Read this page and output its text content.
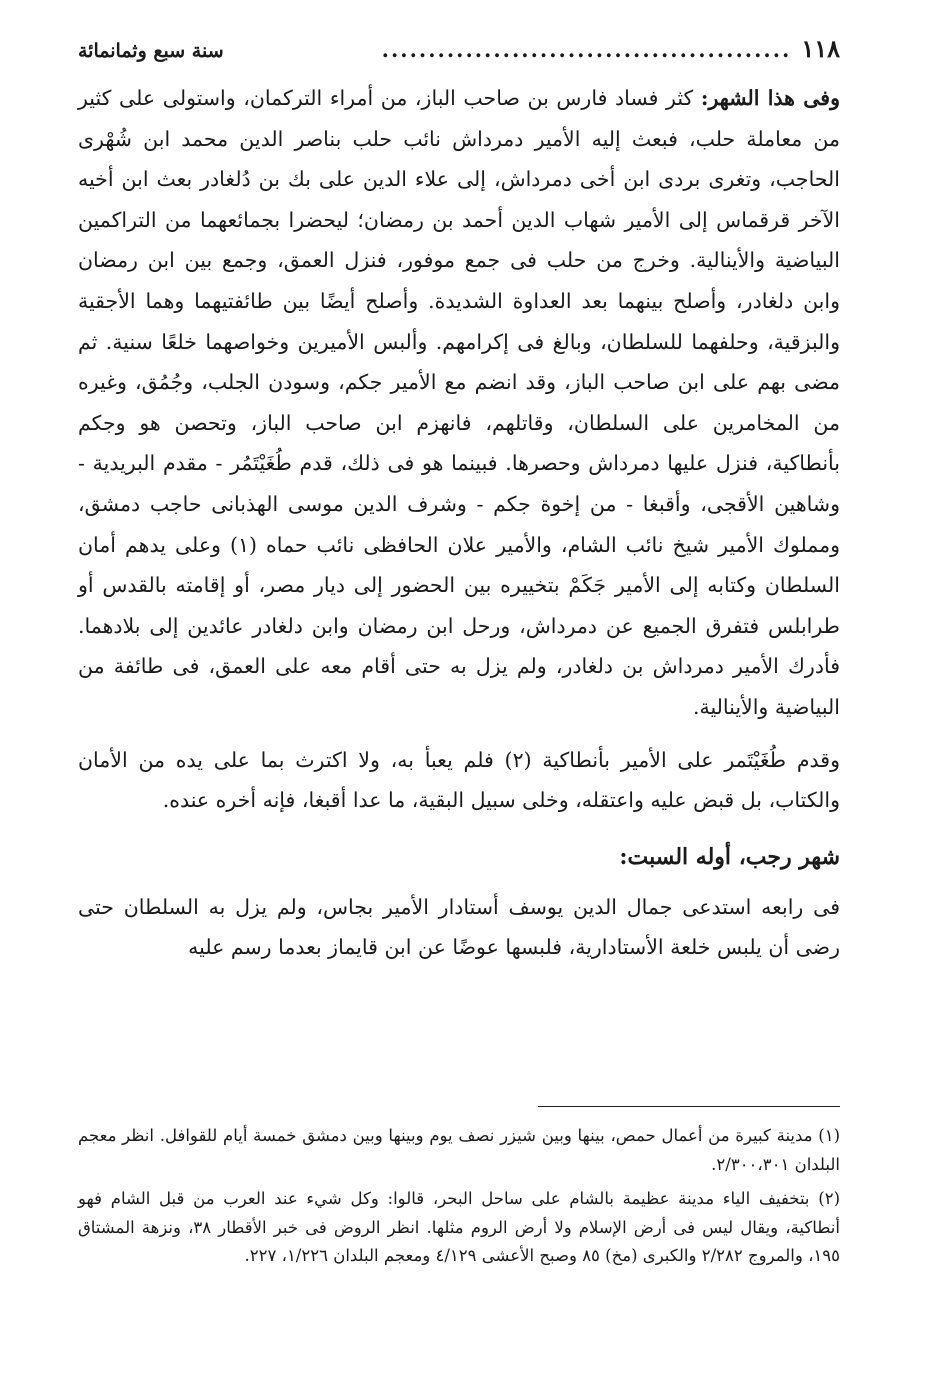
١١٨
............................................
سنة سبع وثمانمائة

وفى هذا الشهر: كثر فساد فارس بن صاحب الباز، من أمراء التركمان، واستولى على كثير من معاملة حلب، فبعث إليه الأمير دمرداش نائب حلب بناصر الدين محمد ابن شُهْرى الحاجب، وتغرى بردى ابن أخى دمرداش، إلى علاء الدين على بك بن دُلغادر بعث ابن أخيه الآخر قرقماس إلى الأمير شهاب الدين أحمد بن رمضان؛ ليحضرا بجمائعهما من التراكمين البياضية والأينالية. وخرج من حلب فى جمع موفور، فنزل العمق، وجمع بين ابن رمضان وابن دلغادر، وأصلح بينهما بعد العداوة الشديدة. وأصلح أيضًا بين طائفتيهما وهما الأجقية والبزقية، وحلفهما للسلطان، وبالغ فى إكرامهم. وألبس الأميرين وخواصهما خلعًا سنية. ثم مضى بهم على ابن صاحب الباز، وقد انضم مع الأمير جكم، وسودن الجلب، وجُمُق، وغيره من المخامرين على السلطان، وقاتلهم، فانهزم ابن صاحب الباز، وتحصن هو وجكم بأنطاكية، فنزل عليها دمرداش وحصرها. فبينما هو فى ذلك، قدم طُغَيْتَمُر - مقدم البريدية - وشاهين الأقجى، وأقبغا - من إخوة جكم - وشرف الدين موسى الهذبانى حاجب دمشق، ومملوك الأمير شيخ نائب الشام، والأمير علان الحافظى نائب حماه (١) وعلى يدهم أمان السلطان وكتابه إلى الأمير جَكَمْ بتخييره بين الحضور إلى ديار مصر، أو إقامته بالقدس أو طرابلس فتفرق الجميع عن دمرداش، ورحل ابن رمضان وابن دلغادر عائدين إلى بلادهما. فأدرك الأمير دمرداش بن دلغادر، ولم يزل به حتى أقام معه على العمق، فى طائفة من البياضية والأينالية.

وقدم طُغَيْتَمر على الأمير بأنطاكية (٢) فلم يعبأ به، ولا اكترث بما على يده من الأمان والكتاب، بل قبض عليه واعتقله، وخلى سبيل البقية، ما عدا أقبغا، فإنه أخره عنده.

شهر رجب، أوله السبت:

فى رابعه استدعى جمال الدين يوسف أستادار الأمير بجاس، ولم يزل به السلطان حتى رضى أن يلبس خلعة الأستادارية، فلبسها عوضًا عن ابن قايماز بعدما رسم عليه

(١) مدينة كبيرة من أعمال حمص، بينها وبين شيزر نصف يوم وبينها وبين دمشق خمسة أيام للقوافل. انظر معجم البلدان ٢/٣٠٠،٣٠١.

(٢) بتخفيف الياء مدينة عظيمة بالشام على ساحل البحر، قالوا: وكل شيء عند العرب من قبل الشام فهو أنطاكية، ويقال ليس فى أرض الإسلام ولا أرض الروم مثلها. انظر الروض فى خبر الأقطار ٣٨، ونزهة المشتاق ١٩٥، والمروج ٢/٢٨٢ والكبرى (مخ) ٨٥ وصبح الأعشى ٤/١٢٩ ومعجم البلدان ١/٢٢٦، ٢٢٧.
